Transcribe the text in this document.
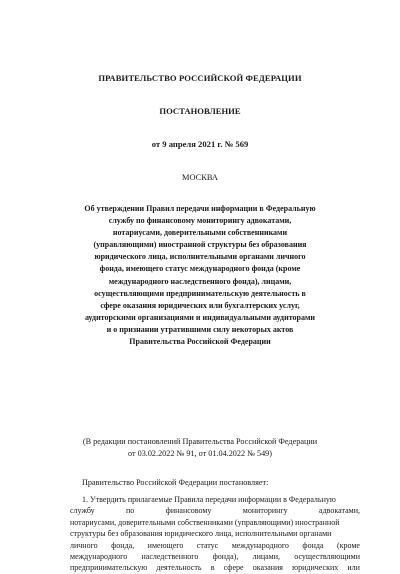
ПРАВИТЕЛЬСТВО РОССИЙСКОЙ ФЕДЕРАЦИИ
ПОСТАНОВЛЕНИЕ
от 9 апреля 2021 г. № 569
МОСКВА
Об утверждении Правил передачи информации в Федеральную
службу по финансовому мониторингу адвокатами,
нотариусами, доверительными собственниками
(управляющими) иностранной структуры без образования
юридического лица, исполнительными органами личного
фонда, имеющего статус международного фонда (кроме
международного наследственного фонда), лицами,
осуществляющими предпринимательскую деятельность в
сфере оказания юридических или бухгалтерских услуг,
аудиторскими организациями и индивидуальными аудиторами
и о признании утратившими силу некоторых актов
Правительства Российской Федерации
(В редакции постановлений Правительства Российской Федерации
от 03.02.2022 № 91, от 01.04.2022 № 549)
Правительство Российской Федерации постановляет:
1. Утвердить прилагаемые Правила передачи информации в Федеральную
службу	по	финансовому	мониторингу	адвокатами,
нотариусами, доверительными собственниками (управляющими) иностранной
структуры без образования юридического лица, исполнительными органами
личного фонда, имеющего статус международного фонда (кроме
международного наследственного фонда), лицами, осуществляющими
предпринимательскую деятельность в сфере оказания юридических или
